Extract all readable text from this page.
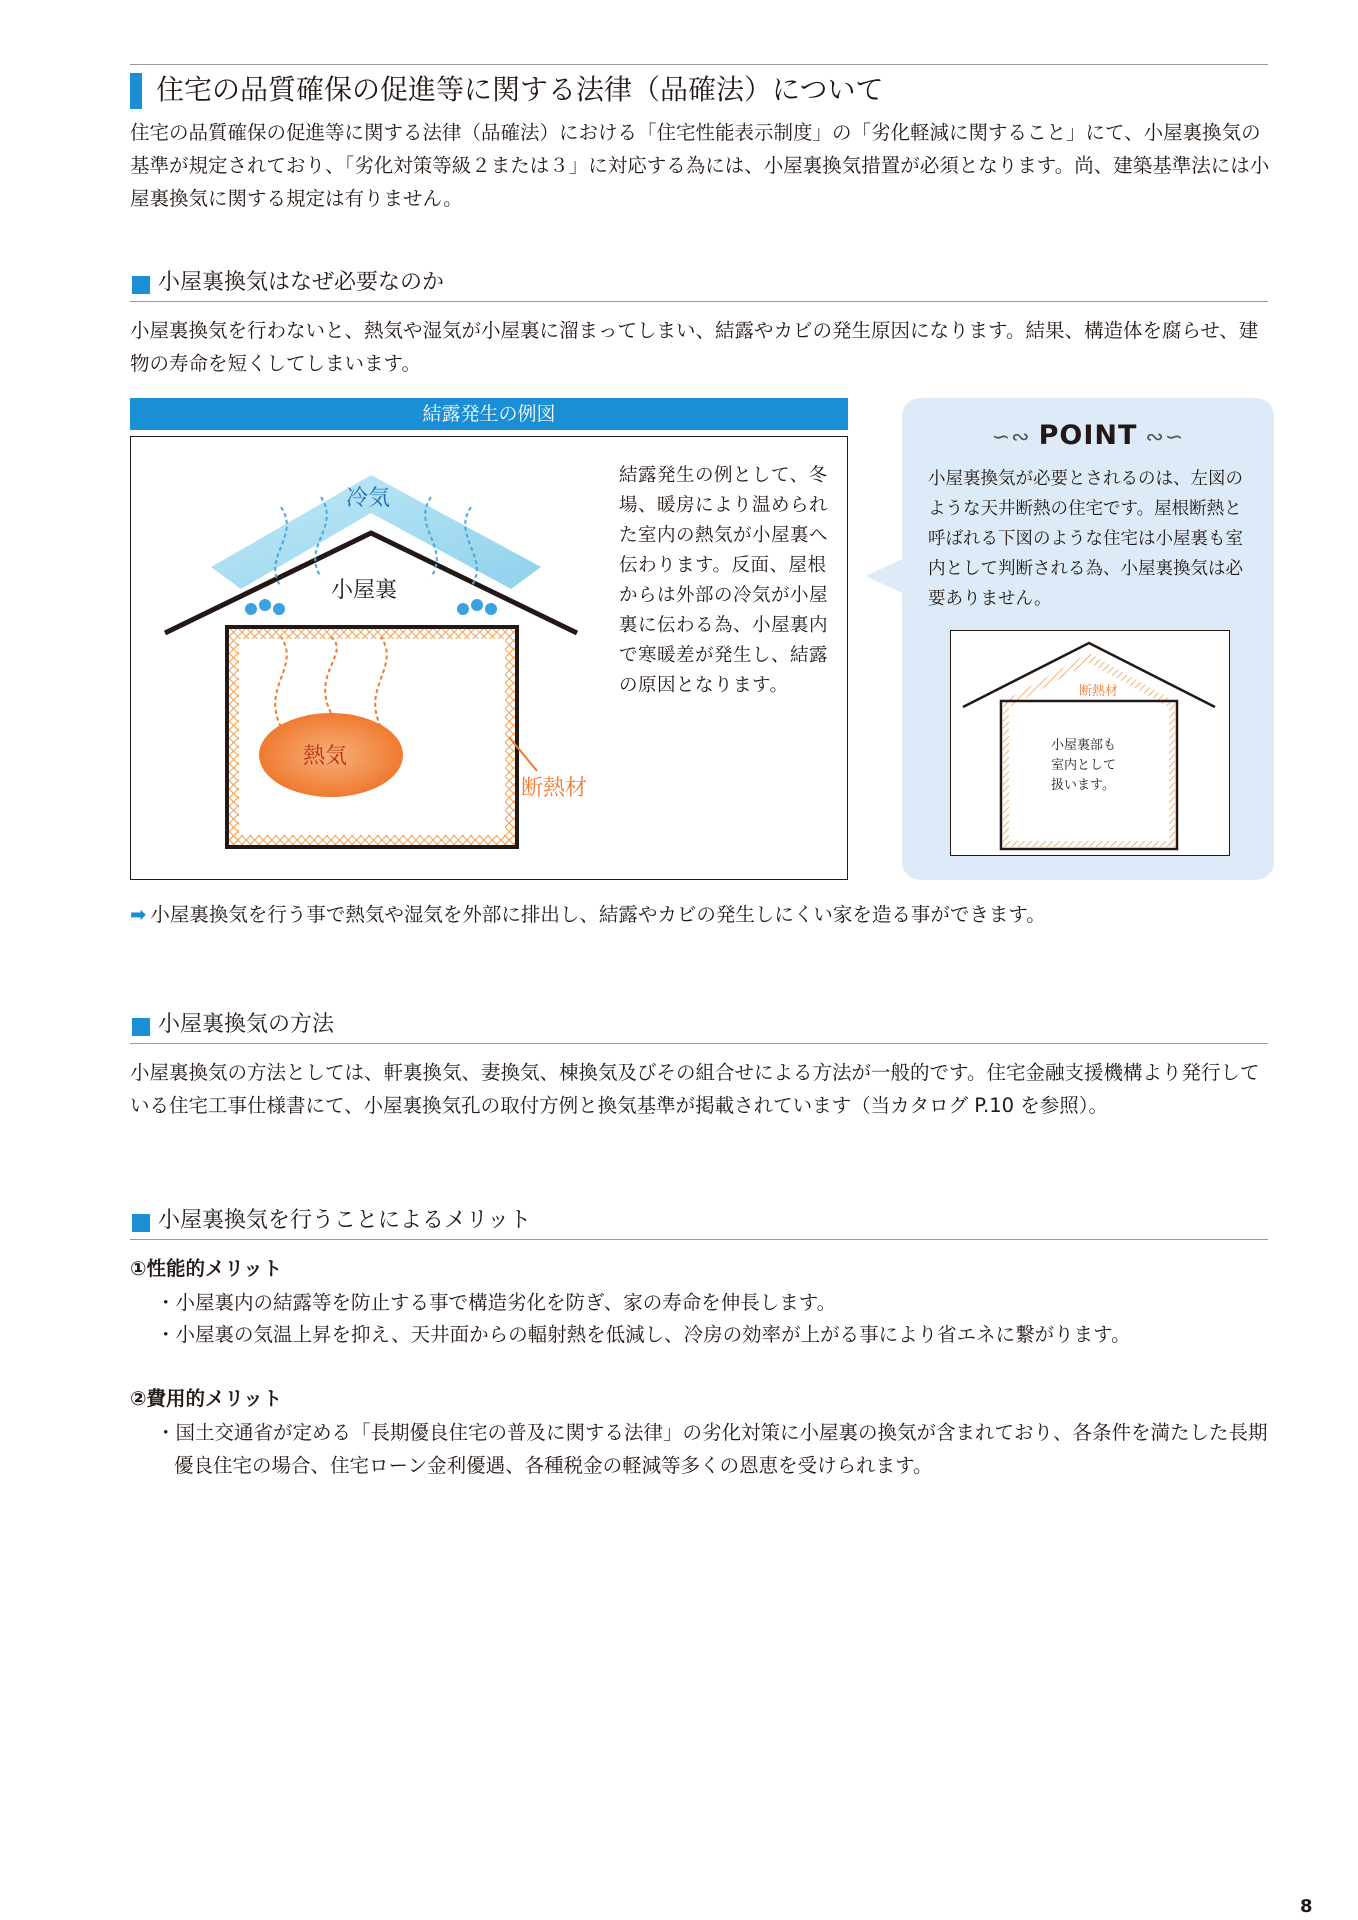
住宅の品質確保の促進等に関する法律（品確法）について
住宅の品質確保の促進等に関する法律（品確法）における「住宅性能表示制度」の「劣化軽減に関すること」にて、小屋裏換気の基準が規定されており、「劣化対策等級２または３」に対応する為には、小屋裏換気措置が必須となります。尚、建築基準法には小屋裏換気に関する規定は有りません。
小屋裏換気はなぜ必要なのか
小屋裏換気を行わないと、熱気や湿気が小屋裏に溜まってしまい、結露やカビの発生原因になります。結果、構造体を腐らせ、建物の寿命を短くしてしまいます。
結露発生の例図
冷気
小屋裏
熱気
断熱材
結露発生の例として、冬場、暖房により温められた室内の熱気が小屋裏へ伝わります。反面、屋根からは外部の冷気が小屋裏に伝わる為、小屋裏内で寒暖差が発生し、結露の原因となります。
∽∾ POINT ∾∽
小屋裏換気が必要とされるのは、左図のような天井断熱の住宅です。屋根断熱と呼ばれる下図のような住宅は小屋裏も室内として判断される為、小屋裏換気は必要ありません。
断熱材
小屋裏部も
室内として
扱います。
➡ 小屋裏換気を行う事で熱気や湿気を外部に排出し、結露やカビの発生しにくい家を造る事ができます。
小屋裏換気の方法
小屋裏換気の方法としては、軒裏換気、妻換気、棟換気及びその組合せによる方法が一般的です。住宅金融支援機構より発行している住宅工事仕様書にて、小屋裏換気孔の取付方例と換気基準が掲載されています（当カタログ P.10 を参照）。
小屋裏換気を行うことによるメリット
①性能的メリット
・小屋裏内の結露等を防止する事で構造劣化を防ぎ、家の寿命を伸長します。
・小屋裏の気温上昇を抑え、天井面からの輻射熱を低減し、冷房の効率が上がる事により省エネに繋がります。
②費用的メリット
・国土交通省が定める「長期優良住宅の普及に関する法律」の劣化対策に小屋裏の換気が含まれており、各条件を満たした長期優良住宅の場合、住宅ローン金利優遇、各種税金の軽減等多くの恩恵を受けられます。
8
